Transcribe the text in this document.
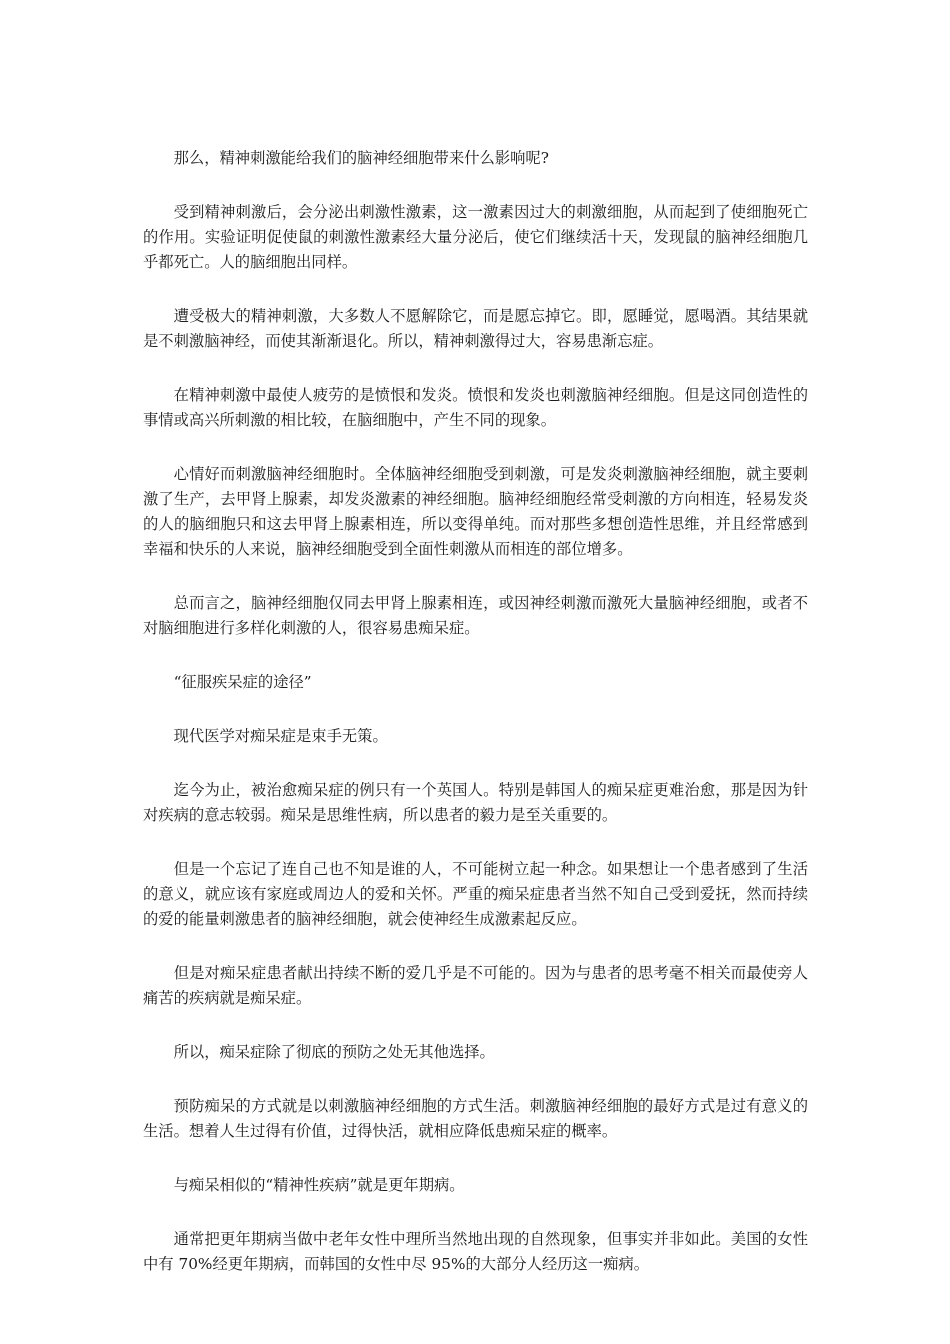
那么，精神刺激能给我们的脑神经细胞带来什么影响呢?

受到精神刺激后，会分泌出刺激性激素，这一激素因过大的刺激细胞，从而起到了使细胞死亡的作用。实验证明促使鼠的刺激性激素经大量分泌后，使它们继续活十天，发现鼠的脑神经细胞几乎都死亡。人的脑细胞出同样。

遭受极大的精神刺激，大多数人不愿解除它，而是愿忘掉它。即，愿睡觉，愿喝酒。其结果就是不刺激脑神经，而使其渐渐退化。所以，精神刺激得过大，容易患渐忘症。

在精神刺激中最使人疲劳的是愤恨和发炎。愤恨和发炎也刺激脑神经细胞。但是这同创造性的事情或高兴所刺激的相比较，在脑细胞中，产生不同的现象。

心情好而刺激脑神经细胞时。全体脑神经细胞受到刺激，可是发炎刺激脑神经细胞，就主要刺激了生产，去甲肾上腺素，却发炎激素的神经细胞。脑神经细胞经常受刺激的方向相连，轻易发炎的人的脑细胞只和这去甲肾上腺素相连，所以变得单纯。而对那些多想创造性思维，并且经常感到幸福和快乐的人来说，脑神经细胞受到全面性刺激从而相连的部位增多。

总而言之，脑神经细胞仅同去甲肾上腺素相连，或因神经刺激而激死大量脑神经细胞，或者不对脑细胞进行多样化刺激的人，很容易患痴呆症。

“征服疾呆症的途径”

现代医学对痴呆症是束手无策。

迄今为止，被治愈痴呆症的例只有一个英国人。特别是韩国人的痴呆症更难治愈，那是因为针对疾病的意志较弱。痴呆是思维性病，所以患者的毅力是至关重要的。

但是一个忘记了连自己也不知是谁的人，不可能树立起一种念。如果想让一个患者感到了生活的意义，就应该有家庭或周边人的爱和关怀。严重的痴呆症患者当然不知自己受到爱抚，然而持续的爱的能量刺激患者的脑神经细胞，就会使神经生成激素起反应。

但是对痴呆症患者献出持续不断的爱几乎是不可能的。因为与患者的思考毫不相关而最使旁人痛苦的疾病就是痴呆症。

所以，痴呆症除了彻底的预防之处无其他选择。

预防痴呆的方式就是以刺激脑神经细胞的方式生活。刺激脑神经细胞的最好方式是过有意义的生活。想着人生过得有价值，过得快活，就相应降低患痴呆症的概率。

与痴呆相似的“精神性疾病”就是更年期病。

通常把更年期病当做中老年女性中理所当然地出现的自然现象，但事实并非如此。美国的女性中有 70%经更年期病，而韩国的女性中尽 95%的大部分人经历这一痴病。
